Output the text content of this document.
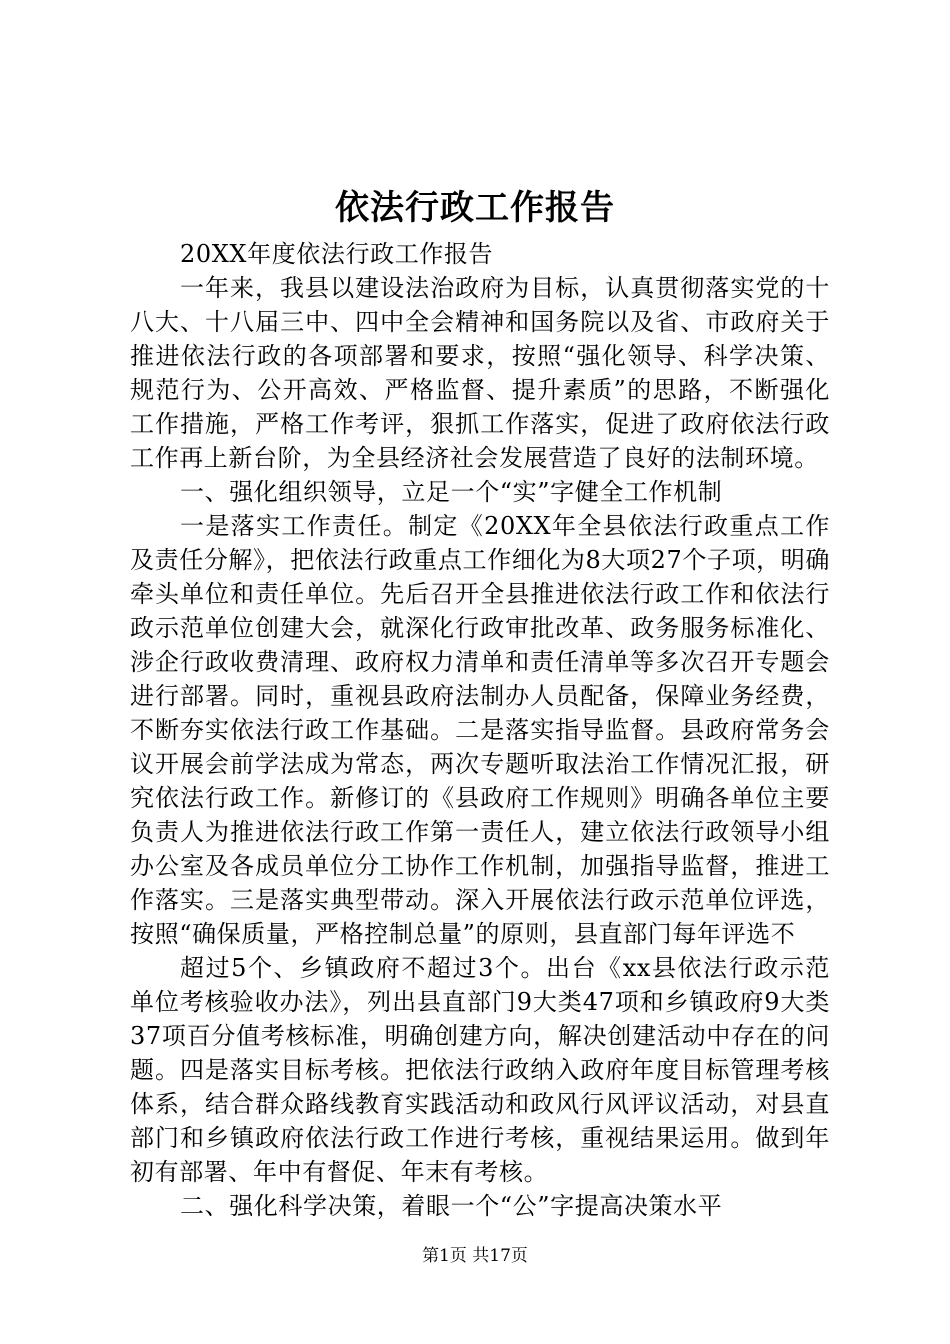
依法行政工作报告

20XX年度依法行政工作报告

一年来，我县以建设法治政府为目标，认真贯彻落实党的十八大、十八届三中、四中全会精神和国务院以及省、市政府关于推进依法行政的各项部署和要求，按照“强化领导、科学决策、规范行为、公开高效、严格监督、提升素质”的思路，不断强化工作措施，严格工作考评，狠抓工作落实，促进了政府依法行政工作再上新台阶，为全县经济社会发展营造了良好的法制环境。

一、强化组织领导，立足一个“实”字健全工作机制

一是落实工作责任。制定《20XX年全县依法行政重点工作及责任分解》，把依法行政重点工作细化为8大项27个子项，明确牵头单位和责任单位。先后召开全县推进依法行政工作和依法行政示范单位创建大会，就深化行政审批改革、政务服务标准化、涉企行政收费清理、政府权力清单和责任清单等多次召开专题会进行部署。同时，重视县政府法制办人员配备，保障业务经费，不断夯实依法行政工作基础。二是落实指导监督。县政府常务会议开展会前学法成为常态，两次专题听取法治工作情况汇报，研究依法行政工作。新修订的《县政府工作规则》明确各单位主要负责人为推进依法行政工作第一责任人，建立依法行政领导小组办公室及各成员单位分工协作工作机制，加强指导监督，推进工作落实。三是落实典型带动。深入开展依法行政示范单位评选，按照“确保质量，严格控制总量”的原则，县直部门每年评选不

超过5个、乡镇政府不超过3个。出台《xx县依法行政示范单位考核验收办法》，列出县直部门9大类47项和乡镇政府9大类37项百分值考核标准，明确创建方向，解决创建活动中存在的问题。四是落实目标考核。把依法行政纳入政府年度目标管理考核体系，结合群众路线教育实践活动和政风行风评议活动，对县直部门和乡镇政府依法行政工作进行考核，重视结果运用。做到年初有部署、年中有督促、年末有考核。

二、强化科学决策，着眼一个“公”字提高决策水平

第1页 共17页
